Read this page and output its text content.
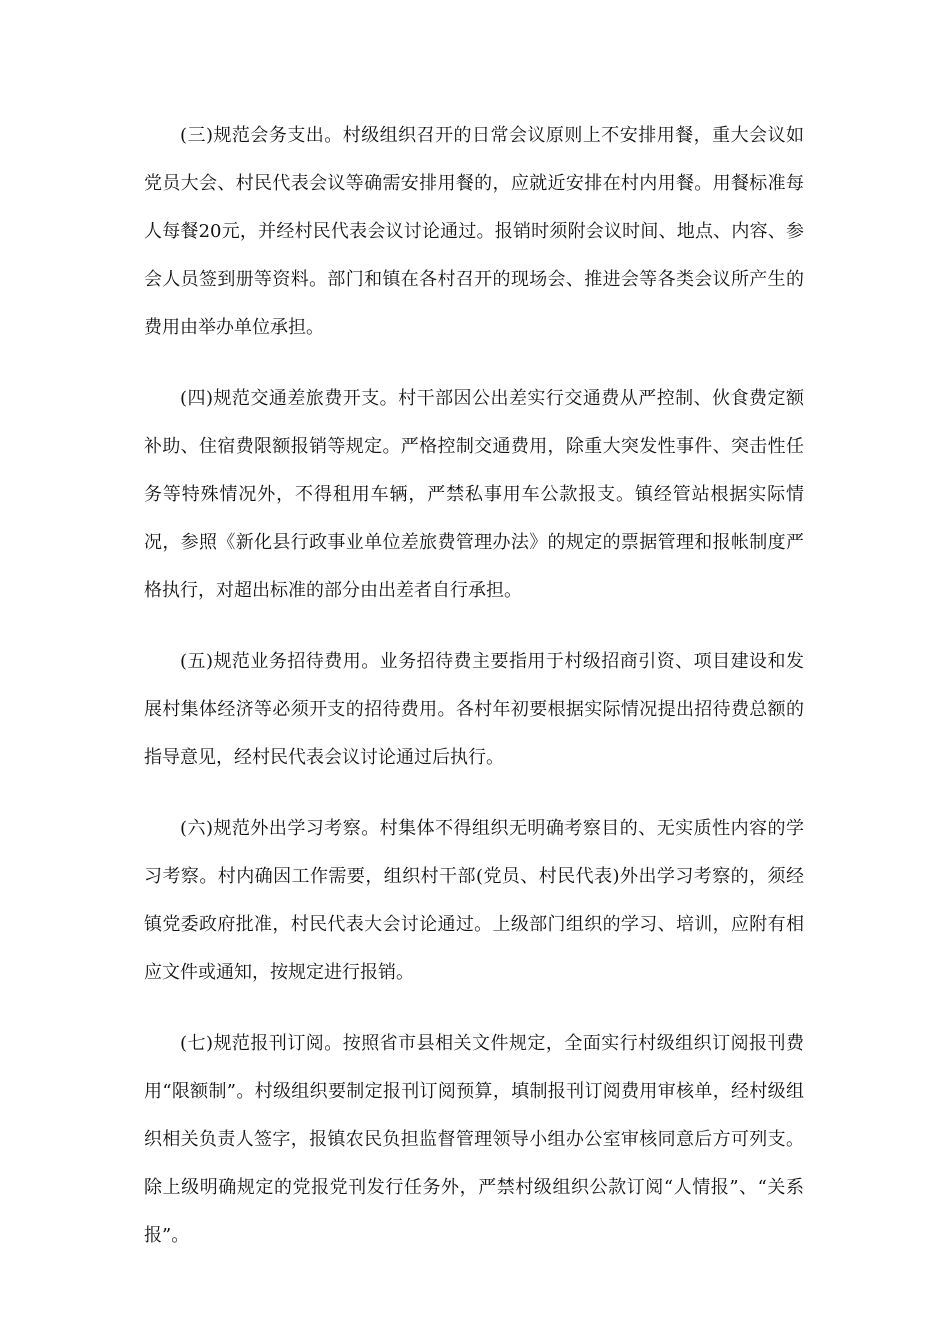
(三)规范会务支出。村级组织召开的日常会议原则上不安排用餐，重大会议如党员大会、村民代表会议等确需安排用餐的，应就近安排在村内用餐。用餐标准每人每餐20元，并经村民代表会议讨论通过。报销时须附会议时间、地点、内容、参会人员签到册等资料。部门和镇在各村召开的现场会、推进会等各类会议所产生的费用由举办单位承担。

(四)规范交通差旅费开支。村干部因公出差实行交通费从严控制、伙食费定额补助、住宿费限额报销等规定。严格控制交通费用，除重大突发性事件、突击性任务等特殊情况外，不得租用车辆，严禁私事用车公款报支。镇经管站根据实际情况，参照《新化县行政事业单位差旅费管理办法》的规定的票据管理和报帐制度严格执行，对超出标准的部分由出差者自行承担。

(五)规范业务招待费用。业务招待费主要指用于村级招商引资、项目建设和发展村集体经济等必须开支的招待费用。各村年初要根据实际情况提出招待费总额的指导意见，经村民代表会议讨论通过后执行。

(六)规范外出学习考察。村集体不得组织无明确考察目的、无实质性内容的学习考察。村内确因工作需要，组织村干部(党员、村民代表)外出学习考察的，须经镇党委政府批准，村民代表大会讨论通过。上级部门组织的学习、培训，应附有相应文件或通知，按规定进行报销。

(七)规范报刊订阅。按照省市县相关文件规定，全面实行村级组织订阅报刊费用“限额制”。村级组织要制定报刊订阅预算，填制报刊订阅费用审核单，经村级组织相关负责人签字，报镇农民负担监督管理领导小组办公室审核同意后方可列支。除上级明确规定的党报党刊发行任务外，严禁村级组织公款订阅“人情报”、“关系报”。
